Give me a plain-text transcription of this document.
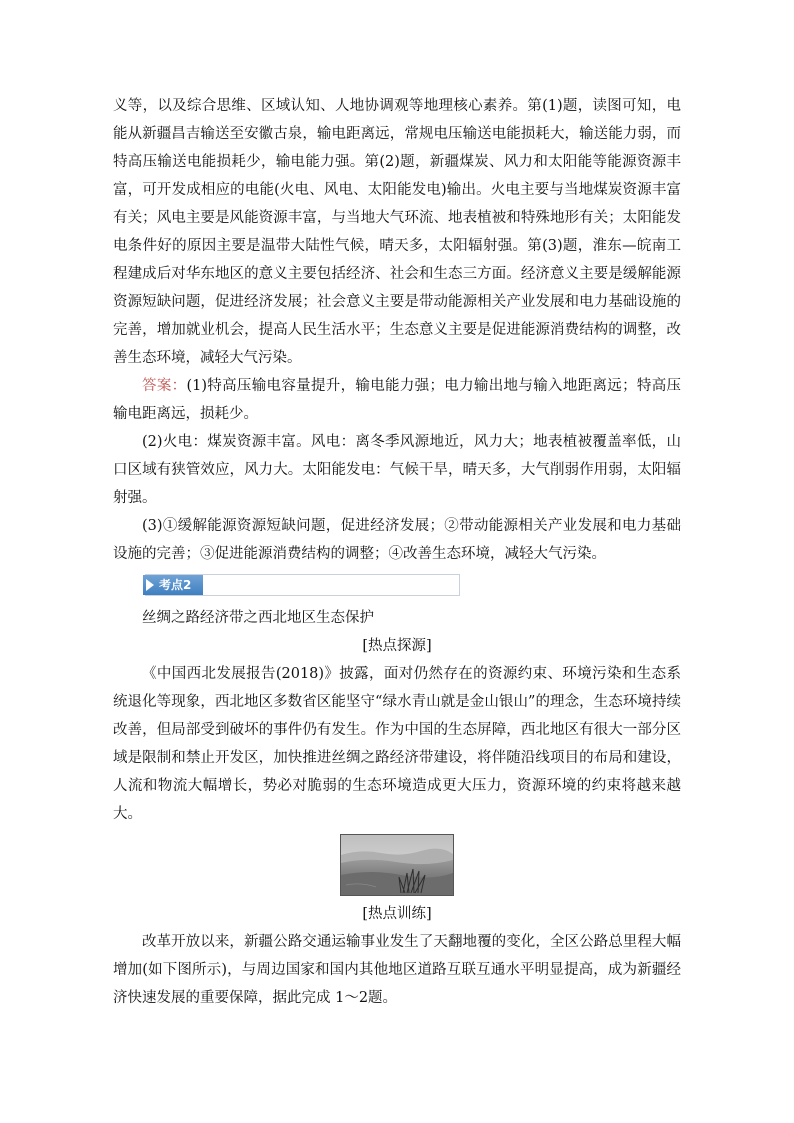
义等，以及综合思维、区域认知、人地协调观等地理核心素养。第(1)题，读图可知，电能从新疆昌吉输送至安徽古泉，输电距离远，常规电压输送电能损耗大，输送能力弱，而特高压输送电能损耗少，输电能力强。第(2)题，新疆煤炭、风力和太阳能等能源资源丰富，可开发成相应的电能(火电、风电、太阳能发电)输出。火电主要与当地煤炭资源丰富有关；风电主要是风能资源丰富，与当地大气环流、地表植被和特殊地形有关；太阳能发电条件好的原因主要是温带大陆性气候，晴天多，太阳辐射强。第(3)题，淮东—皖南工程建成后对华东地区的意义主要包括经济、社会和生态三方面。经济意义主要是缓解能源资源短缺问题，促进经济发展；社会意义主要是带动能源相关产业发展和电力基础设施的完善，增加就业机会，提高人民生活水平；生态意义主要是促进能源消费结构的调整，改善生态环境，减轻大气污染。

答案：(1)特高压输电容量提升，输电能力强；电力输出地与输入地距离远；特高压输电距离远，损耗少。

(2)火电：煤炭资源丰富。风电：离冬季风源地近，风力大；地表植被覆盖率低，山口区域有狭管效应，风力大。太阳能发电：气候干旱，晴天多，大气削弱作用弱，太阳辐射强。

(3)①缓解能源资源短缺问题，促进经济发展；②带动能源相关产业发展和电力基础设施的完善；③促进能源消费结构的调整；④改善生态环境，减轻大气污染。

考点2

丝绸之路经济带之西北地区生态保护

[热点探源]

《中国西北发展报告(2018)》披露，面对仍然存在的资源约束、环境污染和生态系统退化等现象，西北地区多数省区能坚守“绿水青山就是金山银山”的理念，生态环境持续改善，但局部受到破坏的事件仍有发生。作为中国的生态屏障，西北地区有很大一部分区域是限制和禁止开发区，加快推进丝绸之路经济带建设，将伴随沿线项目的布局和建设，人流和物流大幅增长，势必对脆弱的生态环境造成更大压力，资源环境的约束将越来越大。

[热点训练]

改革开放以来，新疆公路交通运输事业发生了天翻地覆的变化，全区公路总里程大幅增加(如下图所示)，与周边国家和国内其他地区道路互联互通水平明显提高，成为新疆经济快速发展的重要保障，据此完成 1～2题。
